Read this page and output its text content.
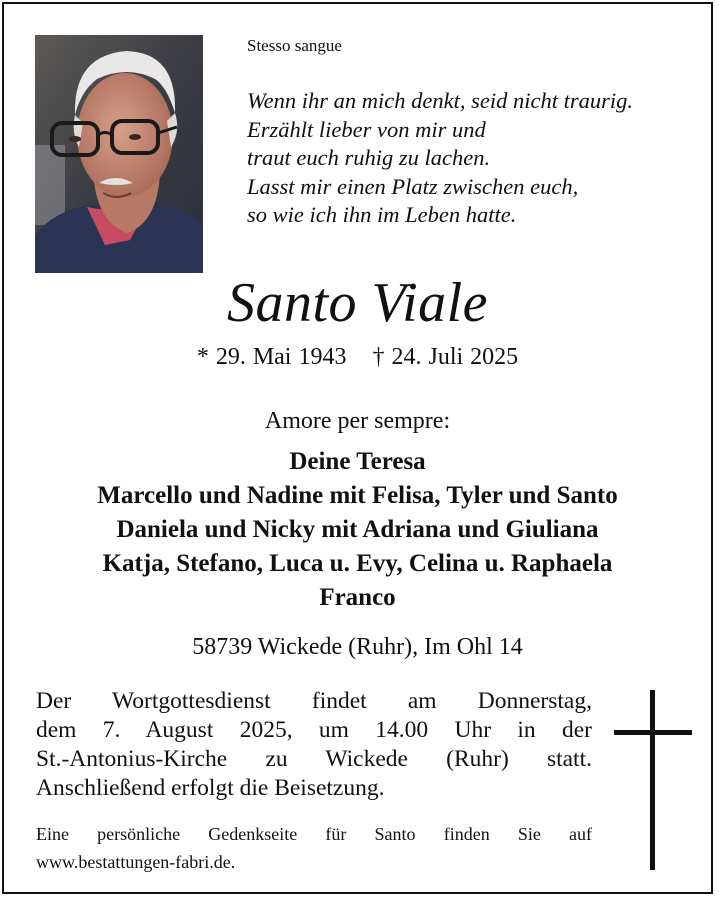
Stesso sangue
Wenn ihr an mich denkt, seid nicht traurig.
Erzählt lieber von mir und
traut euch ruhig zu lachen.
Lasst mir einen Platz zwischen euch,
so wie ich ihn im Leben hatte.
Santo Viale
* 29. Mai 1943 † 24. Juli 2025
Amore per sempre:
Deine Teresa
Marcello und Nadine mit Felisa, Tyler und Santo
Daniela und Nicky mit Adriana und Giuliana
Katja, Stefano, Luca u. Evy, Celina u. Raphaela
Franco
58739 Wickede (Ruhr), Im Ohl 14
Der Wortgottesdienst findet am Donnerstag,
dem 7. August 2025, um 14.00 Uhr in der
St.-Antonius-Kirche zu Wickede (Ruhr) statt.
Anschließend erfolgt die Beisetzung.
Eine persönliche Gedenkseite für Santo finden Sie auf
www.bestattungen-fabri.de.
